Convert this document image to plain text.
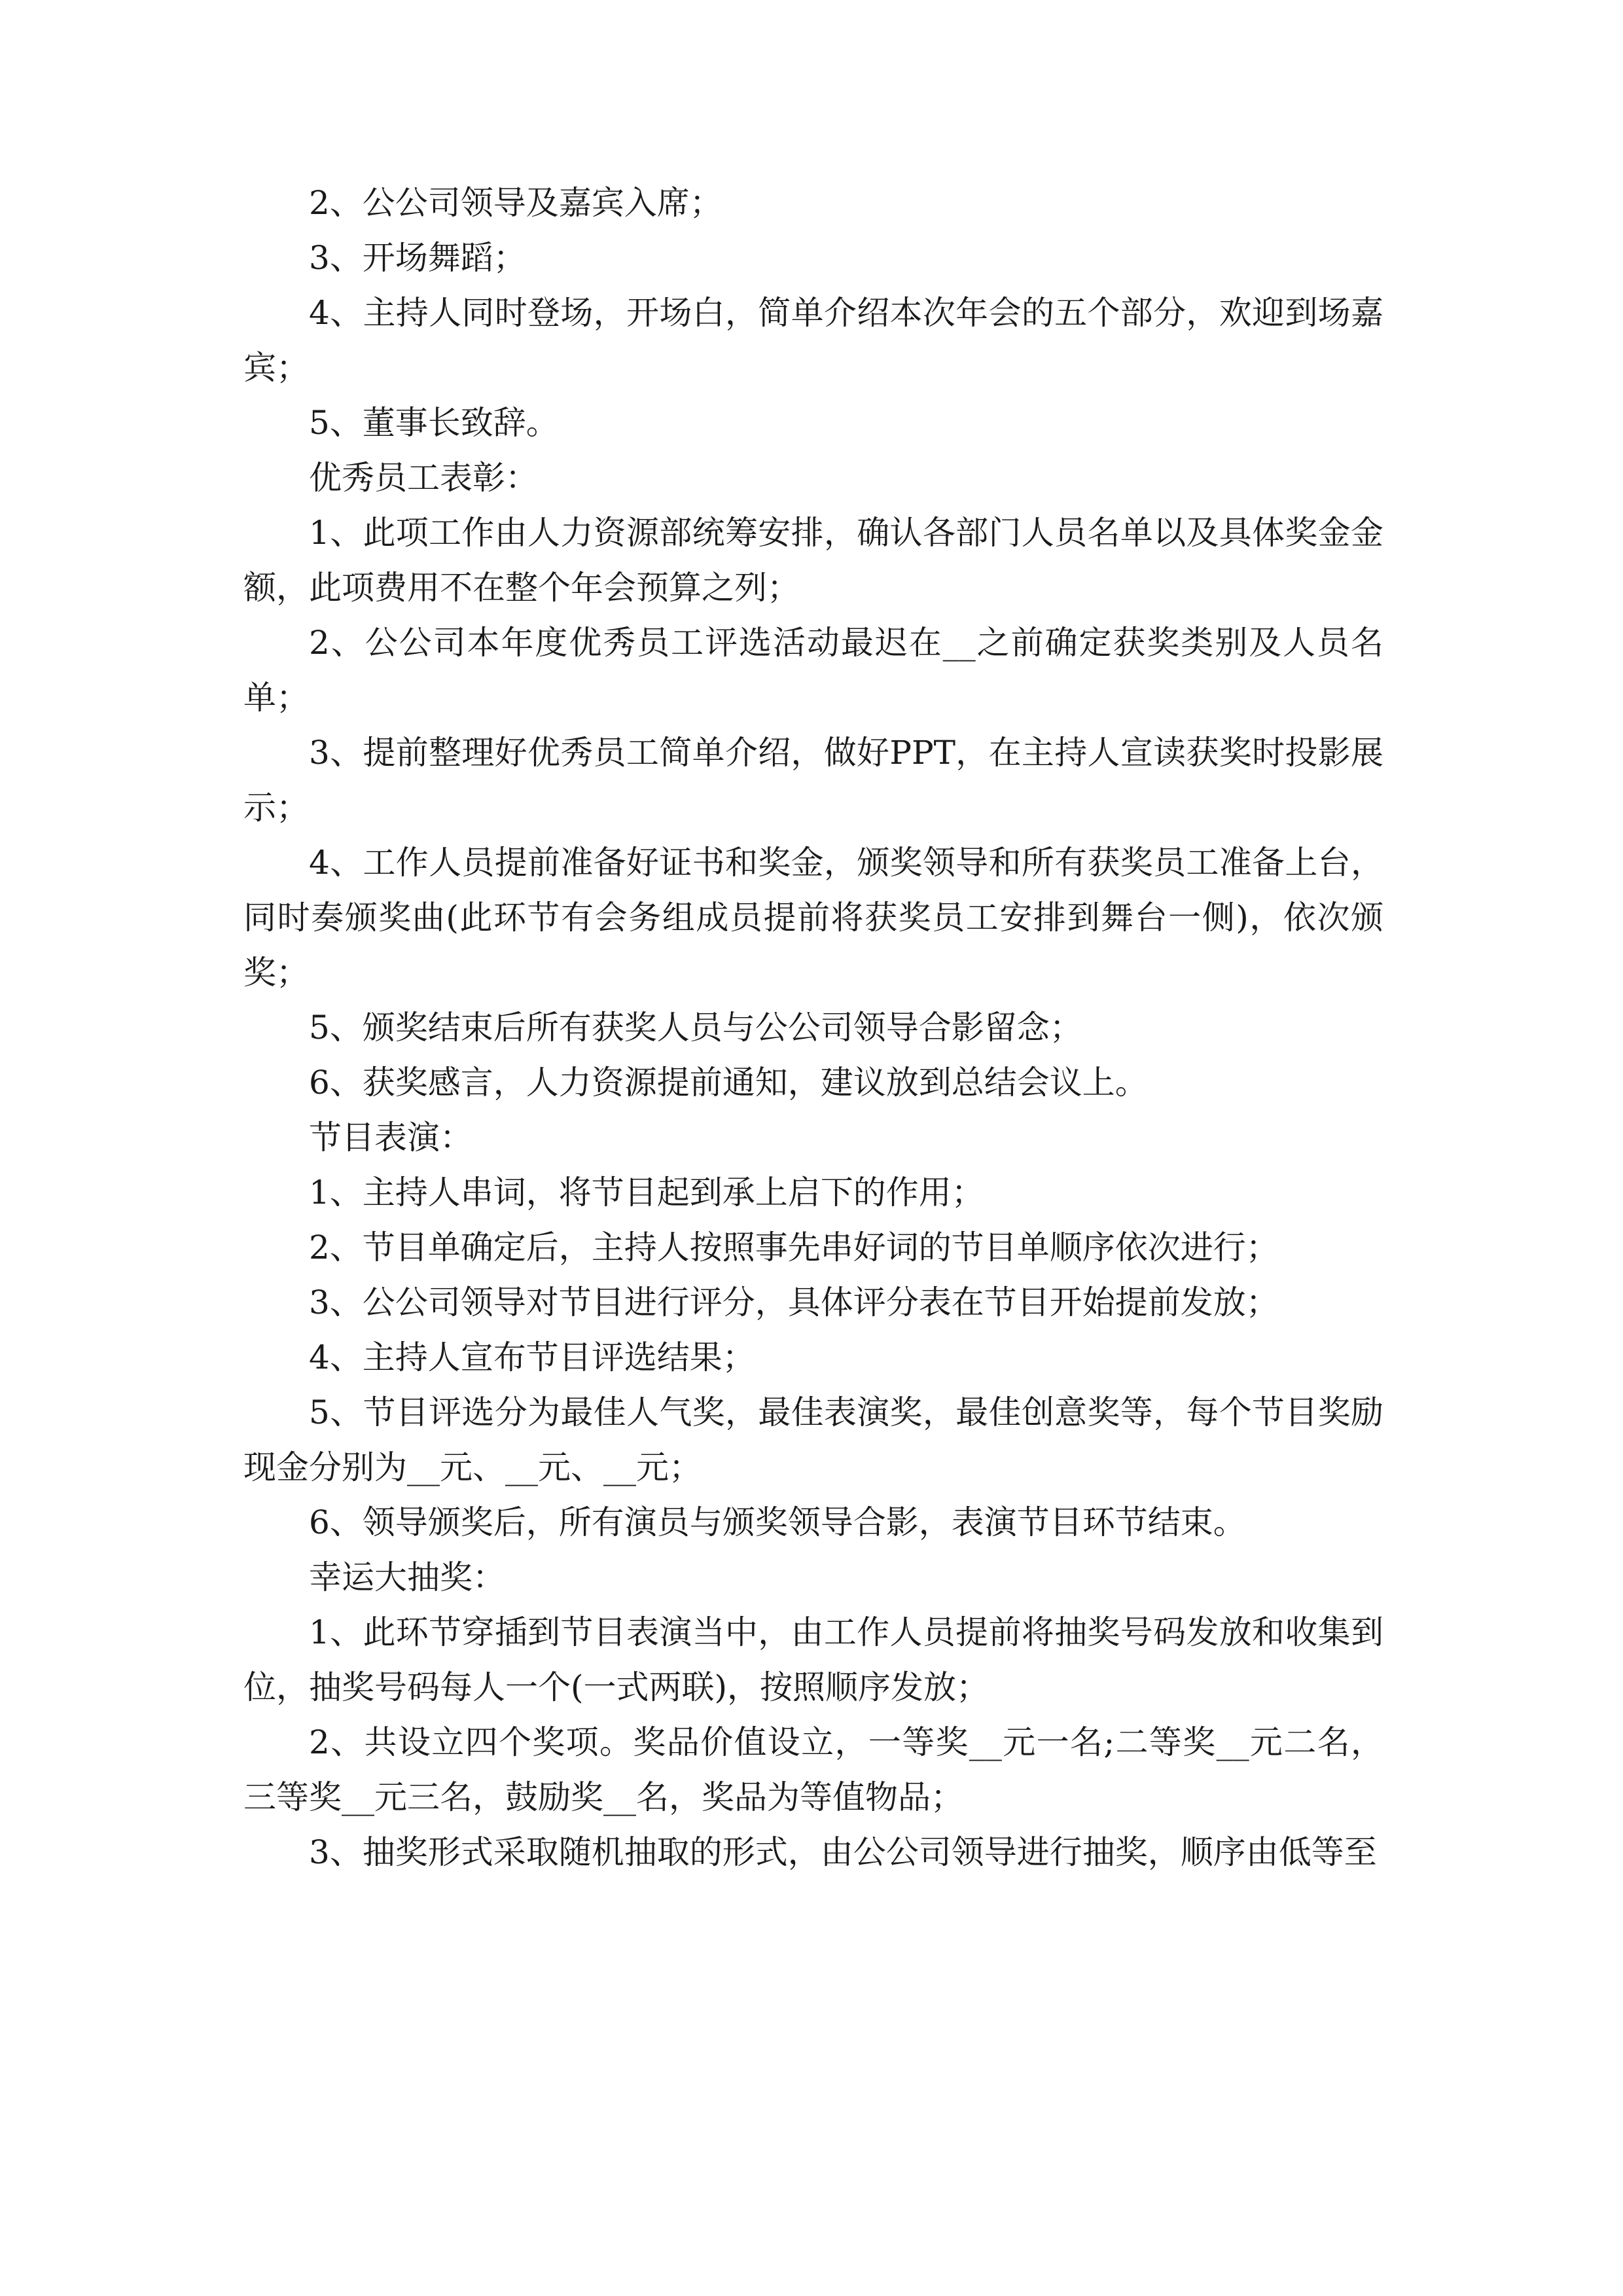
2、公公司领导及嘉宾入席；

3、开场舞蹈；

4、主持人同时登场，开场白，简单介绍本次年会的五个部分，欢迎到场嘉宾；

5、董事长致辞。

优秀员工表彰：

1、此项工作由人力资源部统筹安排，确认各部门人员名单以及具体奖金金额，此项费用不在整个年会预算之列；

2、公公司本年度优秀员工评选活动最迟在__之前确定获奖类别及人员名单；

3、提前整理好优秀员工简单介绍，做好PPT，在主持人宣读获奖时投影展示；

4、工作人员提前准备好证书和奖金，颁奖领导和所有获奖员工准备上台，同时奏颁奖曲(此环节有会务组成员提前将获奖员工安排到舞台一侧)，依次颁奖；

5、颁奖结束后所有获奖人员与公公司领导合影留念；

6、获奖感言，人力资源提前通知，建议放到总结会议上。

节目表演：

1、主持人串词，将节目起到承上启下的作用；

2、节目单确定后，主持人按照事先串好词的节目单顺序依次进行；

3、公公司领导对节目进行评分，具体评分表在节目开始提前发放；

4、主持人宣布节目评选结果；

5、节目评选分为最佳人气奖，最佳表演奖，最佳创意奖等，每个节目奖励现金分别为__元、__元、__元；

6、领导颁奖后，所有演员与颁奖领导合影，表演节目环节结束。

幸运大抽奖：

1、此环节穿插到节目表演当中，由工作人员提前将抽奖号码发放和收集到位，抽奖号码每人一个(一式两联)，按照顺序发放；

2、共设立四个奖项。奖品价值设立，一等奖__元一名;二等奖__元二名，三等奖__元三名，鼓励奖__名，奖品为等值物品；

3、抽奖形式采取随机抽取的形式，由公公司领导进行抽奖，顺序由低等至
